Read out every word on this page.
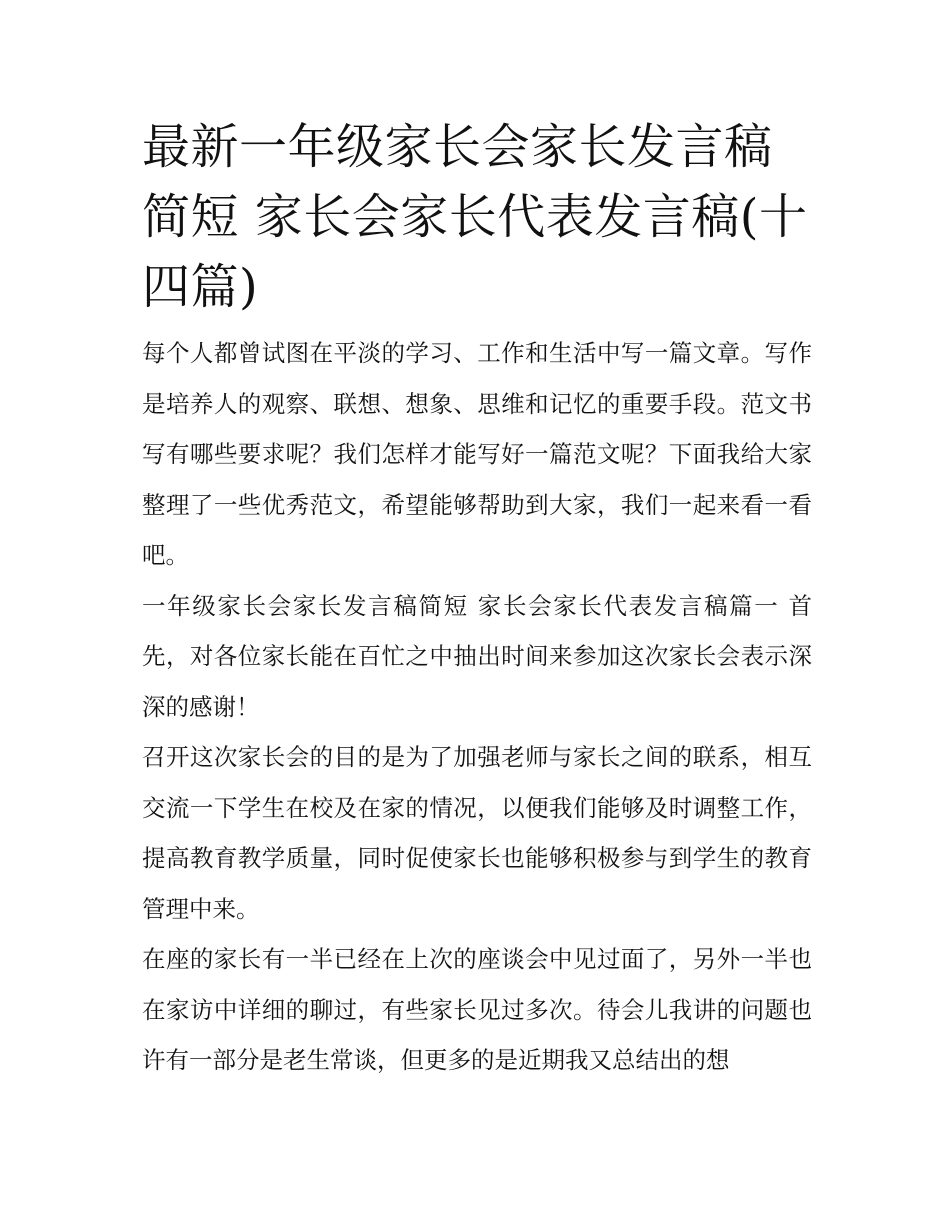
最新一年级家长会家长发言稿简短 家长会家长代表发言稿(十四篇)

每个人都曾试图在平淡的学习、工作和生活中写一篇文章。写作是培养人的观察、联想、想象、思维和记忆的重要手段。范文书写有哪些要求呢？我们怎样才能写好一篇范文呢？下面我给大家整理了一些优秀范文，希望能够帮助到大家，我们一起来看一看吧。

一年级家长会家长发言稿简短 家长会家长代表发言稿篇一 首先，对各位家长能在百忙之中抽出时间来参加这次家长会表示深深的感谢！

召开这次家长会的目的是为了加强老师与家长之间的联系，相互交流一下学生在校及在家的情况，以便我们能够及时调整工作，提高教育教学质量，同时促使家长也能够积极参与到学生的教育管理中来。

在座的家长有一半已经在上次的座谈会中见过面了，另外一半也在家访中详细的聊过，有些家长见过多次。待会儿我讲的问题也许有一部分是老生常谈，但更多的是近期我又总结出的想
